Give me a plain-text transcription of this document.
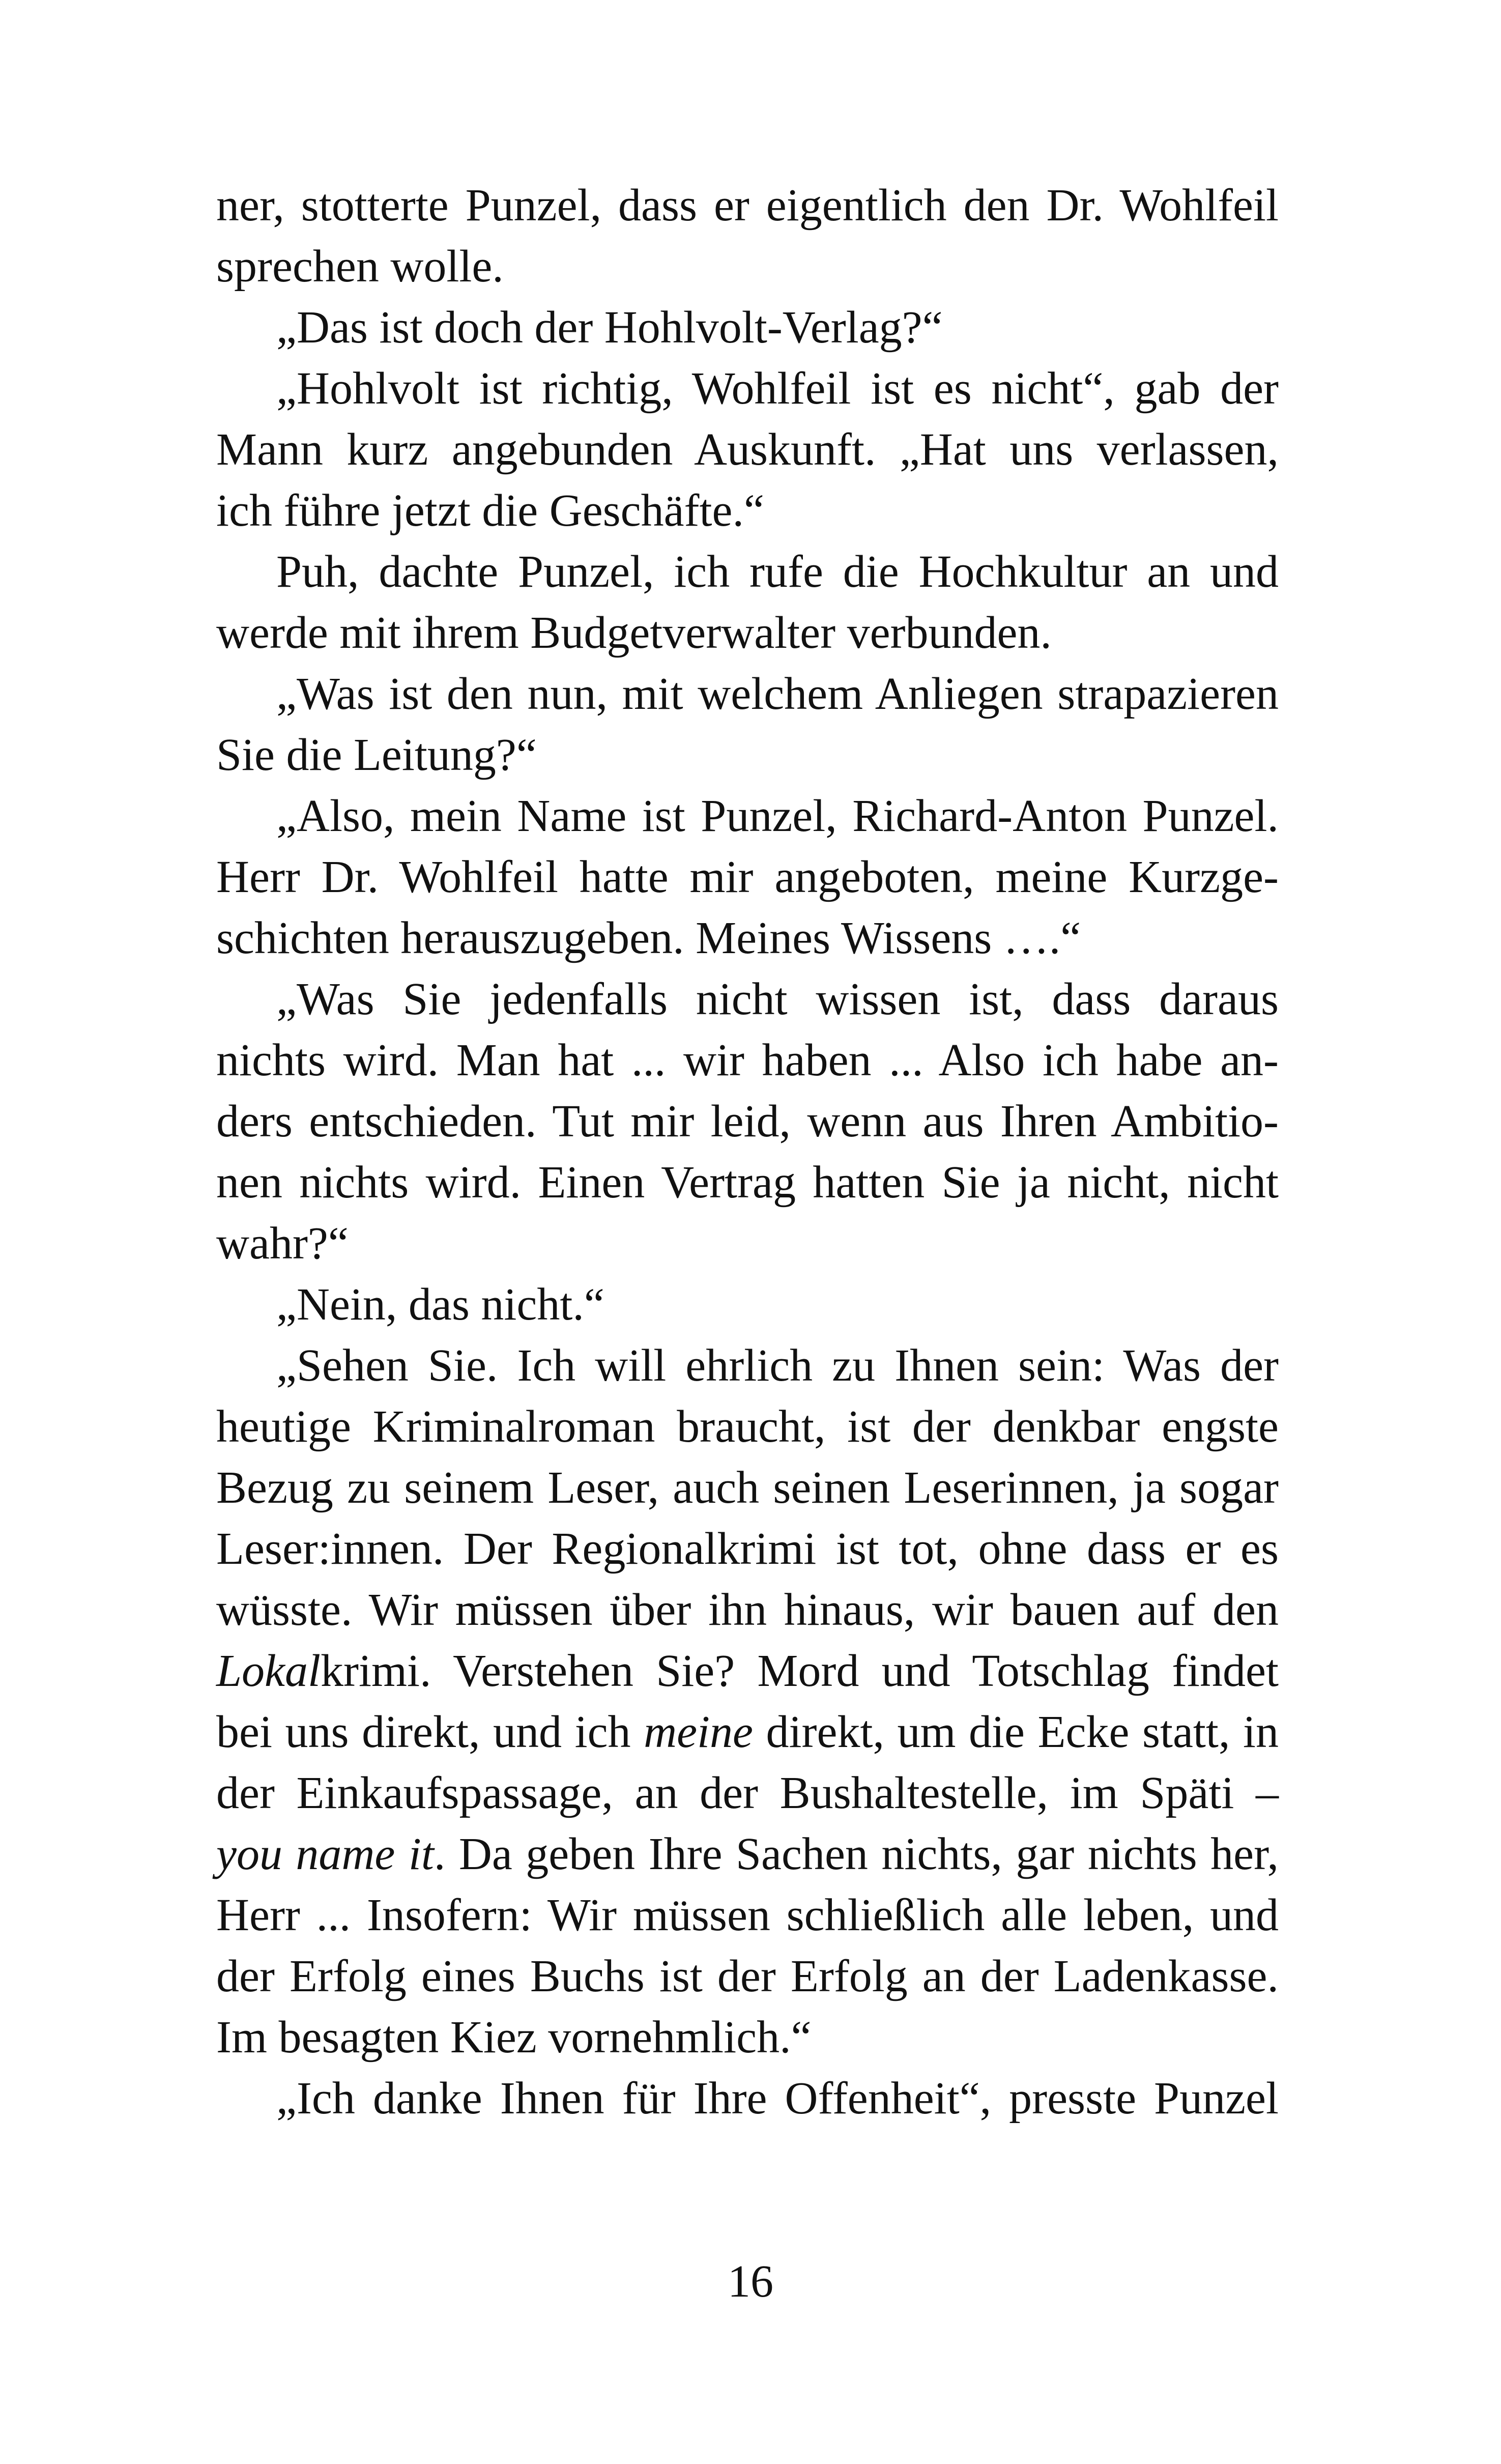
ner, stotterte Punzel, dass er eigentlich den Dr. Wohlfeil
sprechen wolle.
„Das ist doch der Hohlvolt-Verlag?“
„Hohlvolt ist richtig, Wohlfeil ist es nicht“, gab der
Mann kurz angebunden Auskunft. „Hat uns verlassen,
ich führe jetzt die Geschäfte.“
Puh, dachte Punzel, ich rufe die Hochkultur an und
werde mit ihrem Budgetverwalter verbunden.
„Was ist den nun, mit welchem Anliegen strapazieren
Sie die Leitung?“
„Also, mein Name ist Punzel, Richard-Anton Punzel.
Herr Dr. Wohlfeil hatte mir angeboten, meine Kurzge-
schichten herauszugeben. Meines Wissens ….“
„Was Sie jedenfalls nicht wissen ist, dass daraus
nichts wird. Man hat ... wir haben ... Also ich habe an-
ders entschieden. Tut mir leid, wenn aus Ihren Ambitio-
nen nichts wird. Einen Vertrag hatten Sie ja nicht, nicht
wahr?“
„Nein, das nicht.“
„Sehen Sie. Ich will ehrlich zu Ihnen sein: Was der
heutige Kriminalroman braucht, ist der denkbar engste
Bezug zu seinem Leser, auch seinen Leserinnen, ja sogar
Leser:innen. Der Regionalkrimi ist tot, ohne dass er es
wüsste. Wir müssen über ihn hinaus, wir bauen auf den
Lokalkrimi. Verstehen Sie? Mord und Totschlag findet
bei uns direkt, und ich meine direkt, um die Ecke statt, in
der Einkaufspassage, an der Bushaltestelle, im Späti –
you name it. Da geben Ihre Sachen nichts, gar nichts her,
Herr ... Insofern: Wir müssen schließlich alle leben, und
der Erfolg eines Buchs ist der Erfolg an der Ladenkasse.
Im besagten Kiez vornehmlich.“
„Ich danke Ihnen für Ihre Offenheit“, presste Punzel
16
